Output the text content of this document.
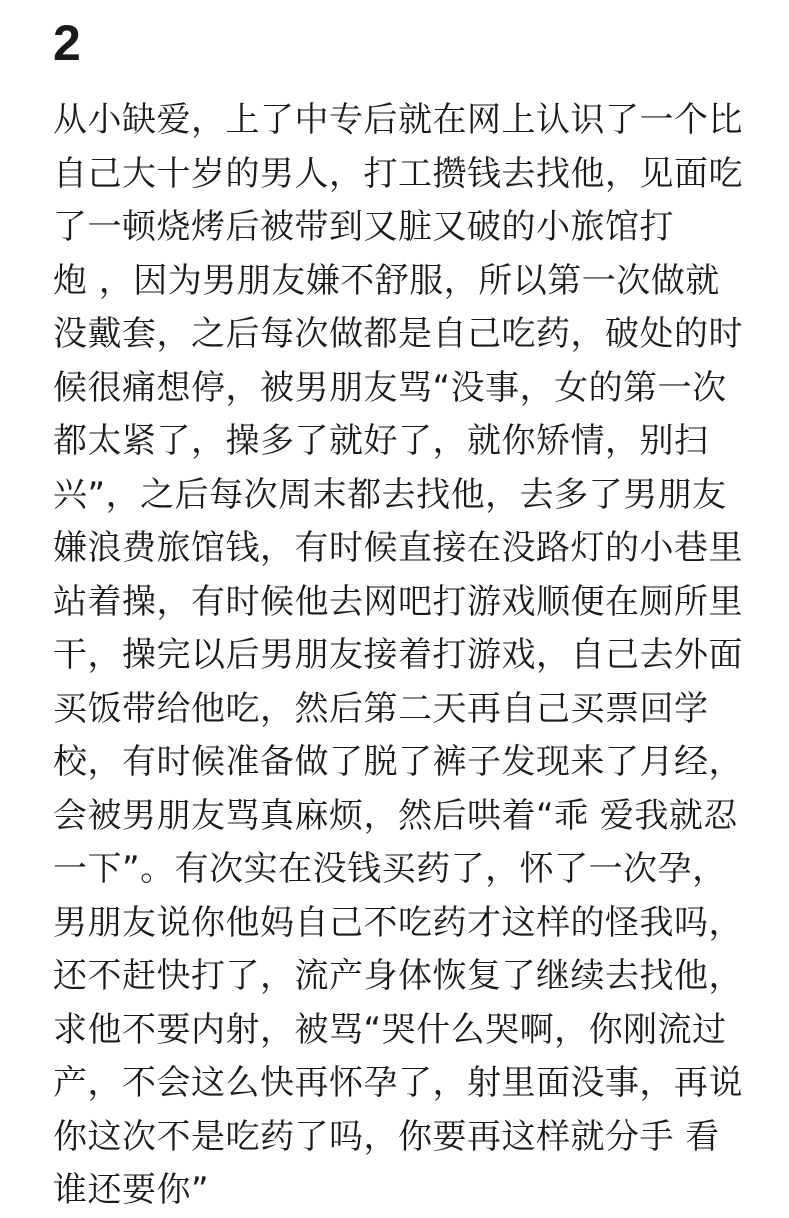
2
从小缺爱，上了中专后就在网上认识了一个比
自己大十岁的男人，打工攒钱去找他，见面吃
了一顿烧烤后被带到又脏又破的小旅馆打
炮 ，因为男朋友嫌不舒服，所以第一次做就
没戴套，之后每次做都是自己吃药，破处的时
候很痛想停，被男朋友骂“没事，女的第一次
都太紧了，操多了就好了，就你矫情，别扫
兴”，之后每次周末都去找他，去多了男朋友
嫌浪费旅馆钱，有时候直接在没路灯的小巷里
站着操，有时候他去网吧打游戏顺便在厕所里
干，操完以后男朋友接着打游戏，自己去外面
买饭带给他吃，然后第二天再自己买票回学
校，有时候准备做了脱了裤子发现来了月经，
会被男朋友骂真麻烦，然后哄着“乖 爱我就忍
一下”。有次实在没钱买药了，怀了一次孕，
男朋友说你他妈自己不吃药才这样的怪我吗，
还不赶快打了，流产身体恢复了继续去找他，
求他不要内射，被骂“哭什么哭啊，你刚流过
产，不会这么快再怀孕了，射里面没事，再说
你这次不是吃药了吗，你要再这样就分手 看
谁还要你”
